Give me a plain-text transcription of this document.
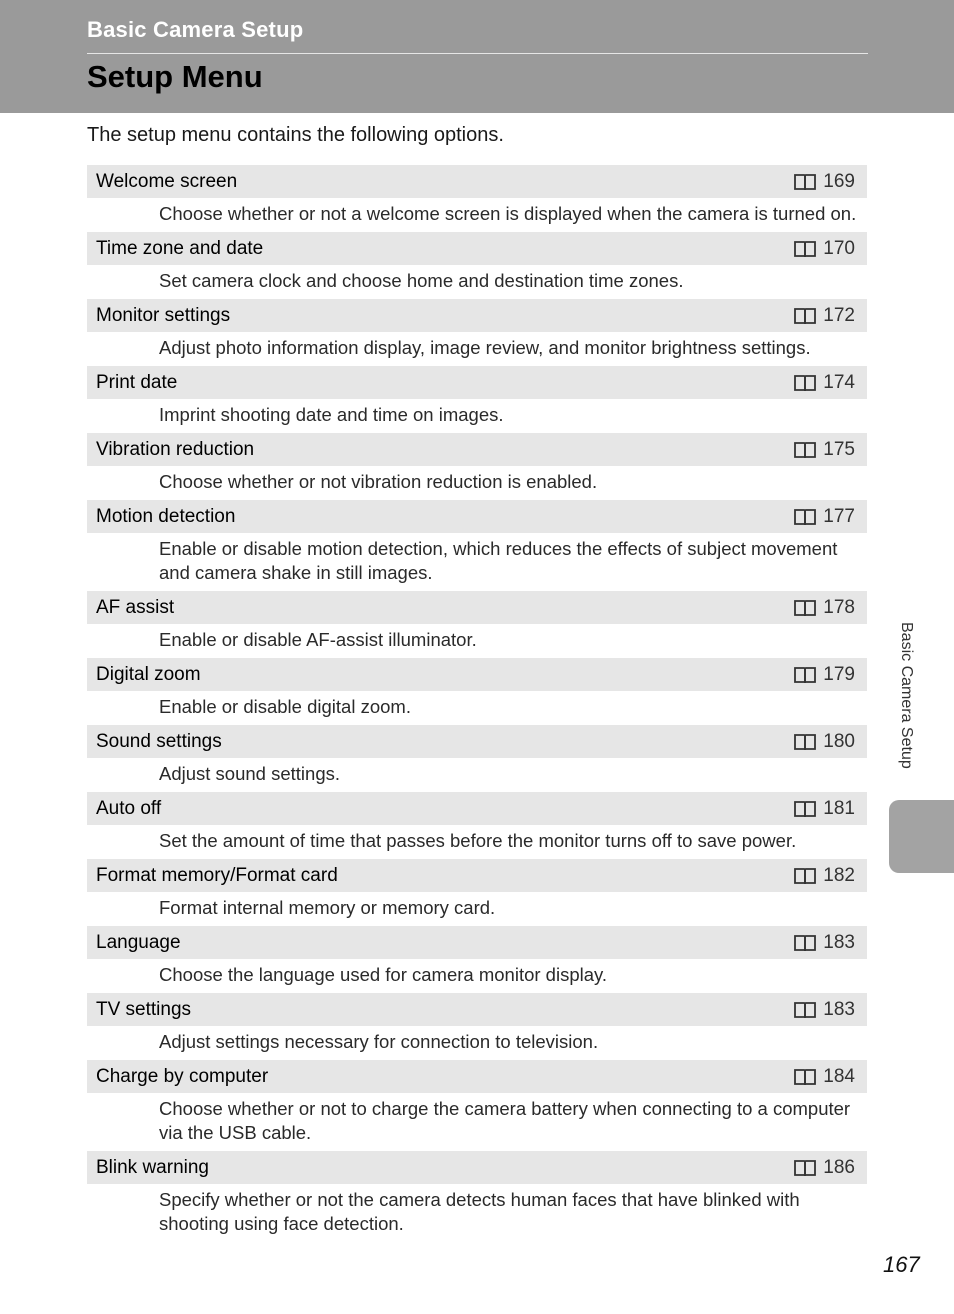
Basic Camera Setup
Setup Menu
The setup menu contains the following options.
Welcome screen	169
Choose whether or not a welcome screen is displayed when the camera is turned on.
Time zone and date	170
Set camera clock and choose home and destination time zones.
Monitor settings	172
Adjust photo information display, image review, and monitor brightness settings.
Print date	174
Imprint shooting date and time on images.
Vibration reduction	175
Choose whether or not vibration reduction is enabled.
Motion detection	177
Enable or disable motion detection, which reduces the effects of subject movement and camera shake in still images.
AF assist	178
Enable or disable AF-assist illuminator.
Digital zoom	179
Enable or disable digital zoom.
Sound settings	180
Adjust sound settings.
Auto off	181
Set the amount of time that passes before the monitor turns off to save power.
Format memory/Format card	182
Format internal memory or memory card.
Language	183
Choose the language used for camera monitor display.
TV settings	183
Adjust settings necessary for connection to television.
Charge by computer	184
Choose whether or not to charge the camera battery when connecting to a computer via the USB cable.
Blink warning	186
Specify whether or not the camera detects human faces that have blinked with shooting using face detection.
Basic Camera Setup
167
